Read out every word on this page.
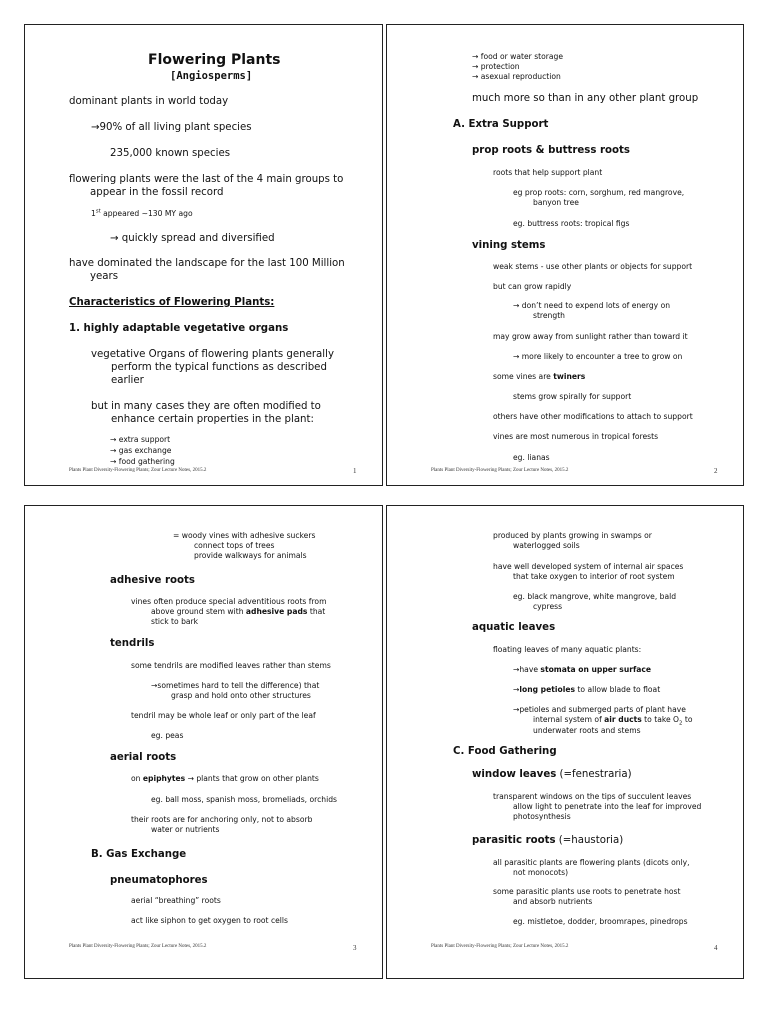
Flowering Plants
[Angiosperms]
dominant plants in world today
→90% of all living plant species
235,000 known species
flowering plants were the last of the 4 main groups to
appear in the fossil record
1st appeared ~130 MY ago
→ quickly spread and diversified
have dominated the landscape for the last 100 Million
years
Characteristics of Flowering Plants:
1. highly adaptable vegetative organs
vegetative Organs of flowering plants generally
perform the typical functions as described
earlier
but in many cases they are often modified to
enhance certain properties in the plant:
→ extra support
→ gas exchange
→ food gathering
Plants Plant Diversity-Flowering Plants; Zour Lecture Notes, 2015.2	1
→ food or water storage
→ protection
→ asexual reproduction
much more so than in any other plant group
A. Extra Support
prop roots & buttress roots
roots that help support plant
eg prop roots: corn, sorghum, red mangrove,
banyon tree
eg. buttress roots: tropical figs
vining stems
weak stems - use other plants or objects for support
but can grow rapidly
→ don’t need to expend lots of energy on
strength
may grow away from sunlight rather than toward it
→ more likely to encounter a tree to grow on
some vines are twiners
stems grow spirally for support
others have other modifications to attach to support
vines are most numerous in tropical forests
eg. lianas
Plants Plant Diversity-Flowering Plants; Zour Lecture Notes, 2015.2	2
= woody vines with adhesive suckers
connect tops of trees
provide walkways for animals
adhesive roots
vines often produce special adventitious roots from
above ground stem with adhesive pads that
stick to bark
tendrils
some tendrils are modified leaves rather than stems
→sometimes hard to tell the difference) that
grasp and hold onto other structures
tendril may be whole leaf or only part of the leaf
eg. peas
aerial roots
on epiphytes → plants that grow on other plants
eg. ball moss, spanish moss, bromeliads, orchids
their roots are for anchoring only, not to absorb
water or nutrients
B. Gas Exchange
pneumatophores
aerial “breathing” roots
act like siphon to get oxygen to root cells
Plants Plant Diversity-Flowering Plants; Zour Lecture Notes, 2015.2	3
produced by plants growing in swamps or
waterlogged soils
have well developed system of internal air spaces
that take oxygen to interior of root system
eg. black mangrove, white mangrove, bald
cypress
aquatic leaves
floating leaves of many aquatic plants:
→have stomata on upper surface
→long petioles to allow blade to float
→petioles and submerged parts of plant have
internal system of air ducts to take $O_2$ to
underwater roots and stems
C. Food Gathering
window leaves (=fenestraria)
transparent windows on the tips of succulent leaves
allow light to penetrate into the leaf for improved
photosynthesis
parasitic roots (=haustoria)
all parasitic plants are flowering plants (dicots only,
not monocots)
some parasitic plants use roots to penetrate host
and absorb nutrients
eg. mistletoe, dodder, broomrapes, pinedrops
Plants Plant Diversity-Flowering Plants; Zour Lecture Notes, 2015.2	4
